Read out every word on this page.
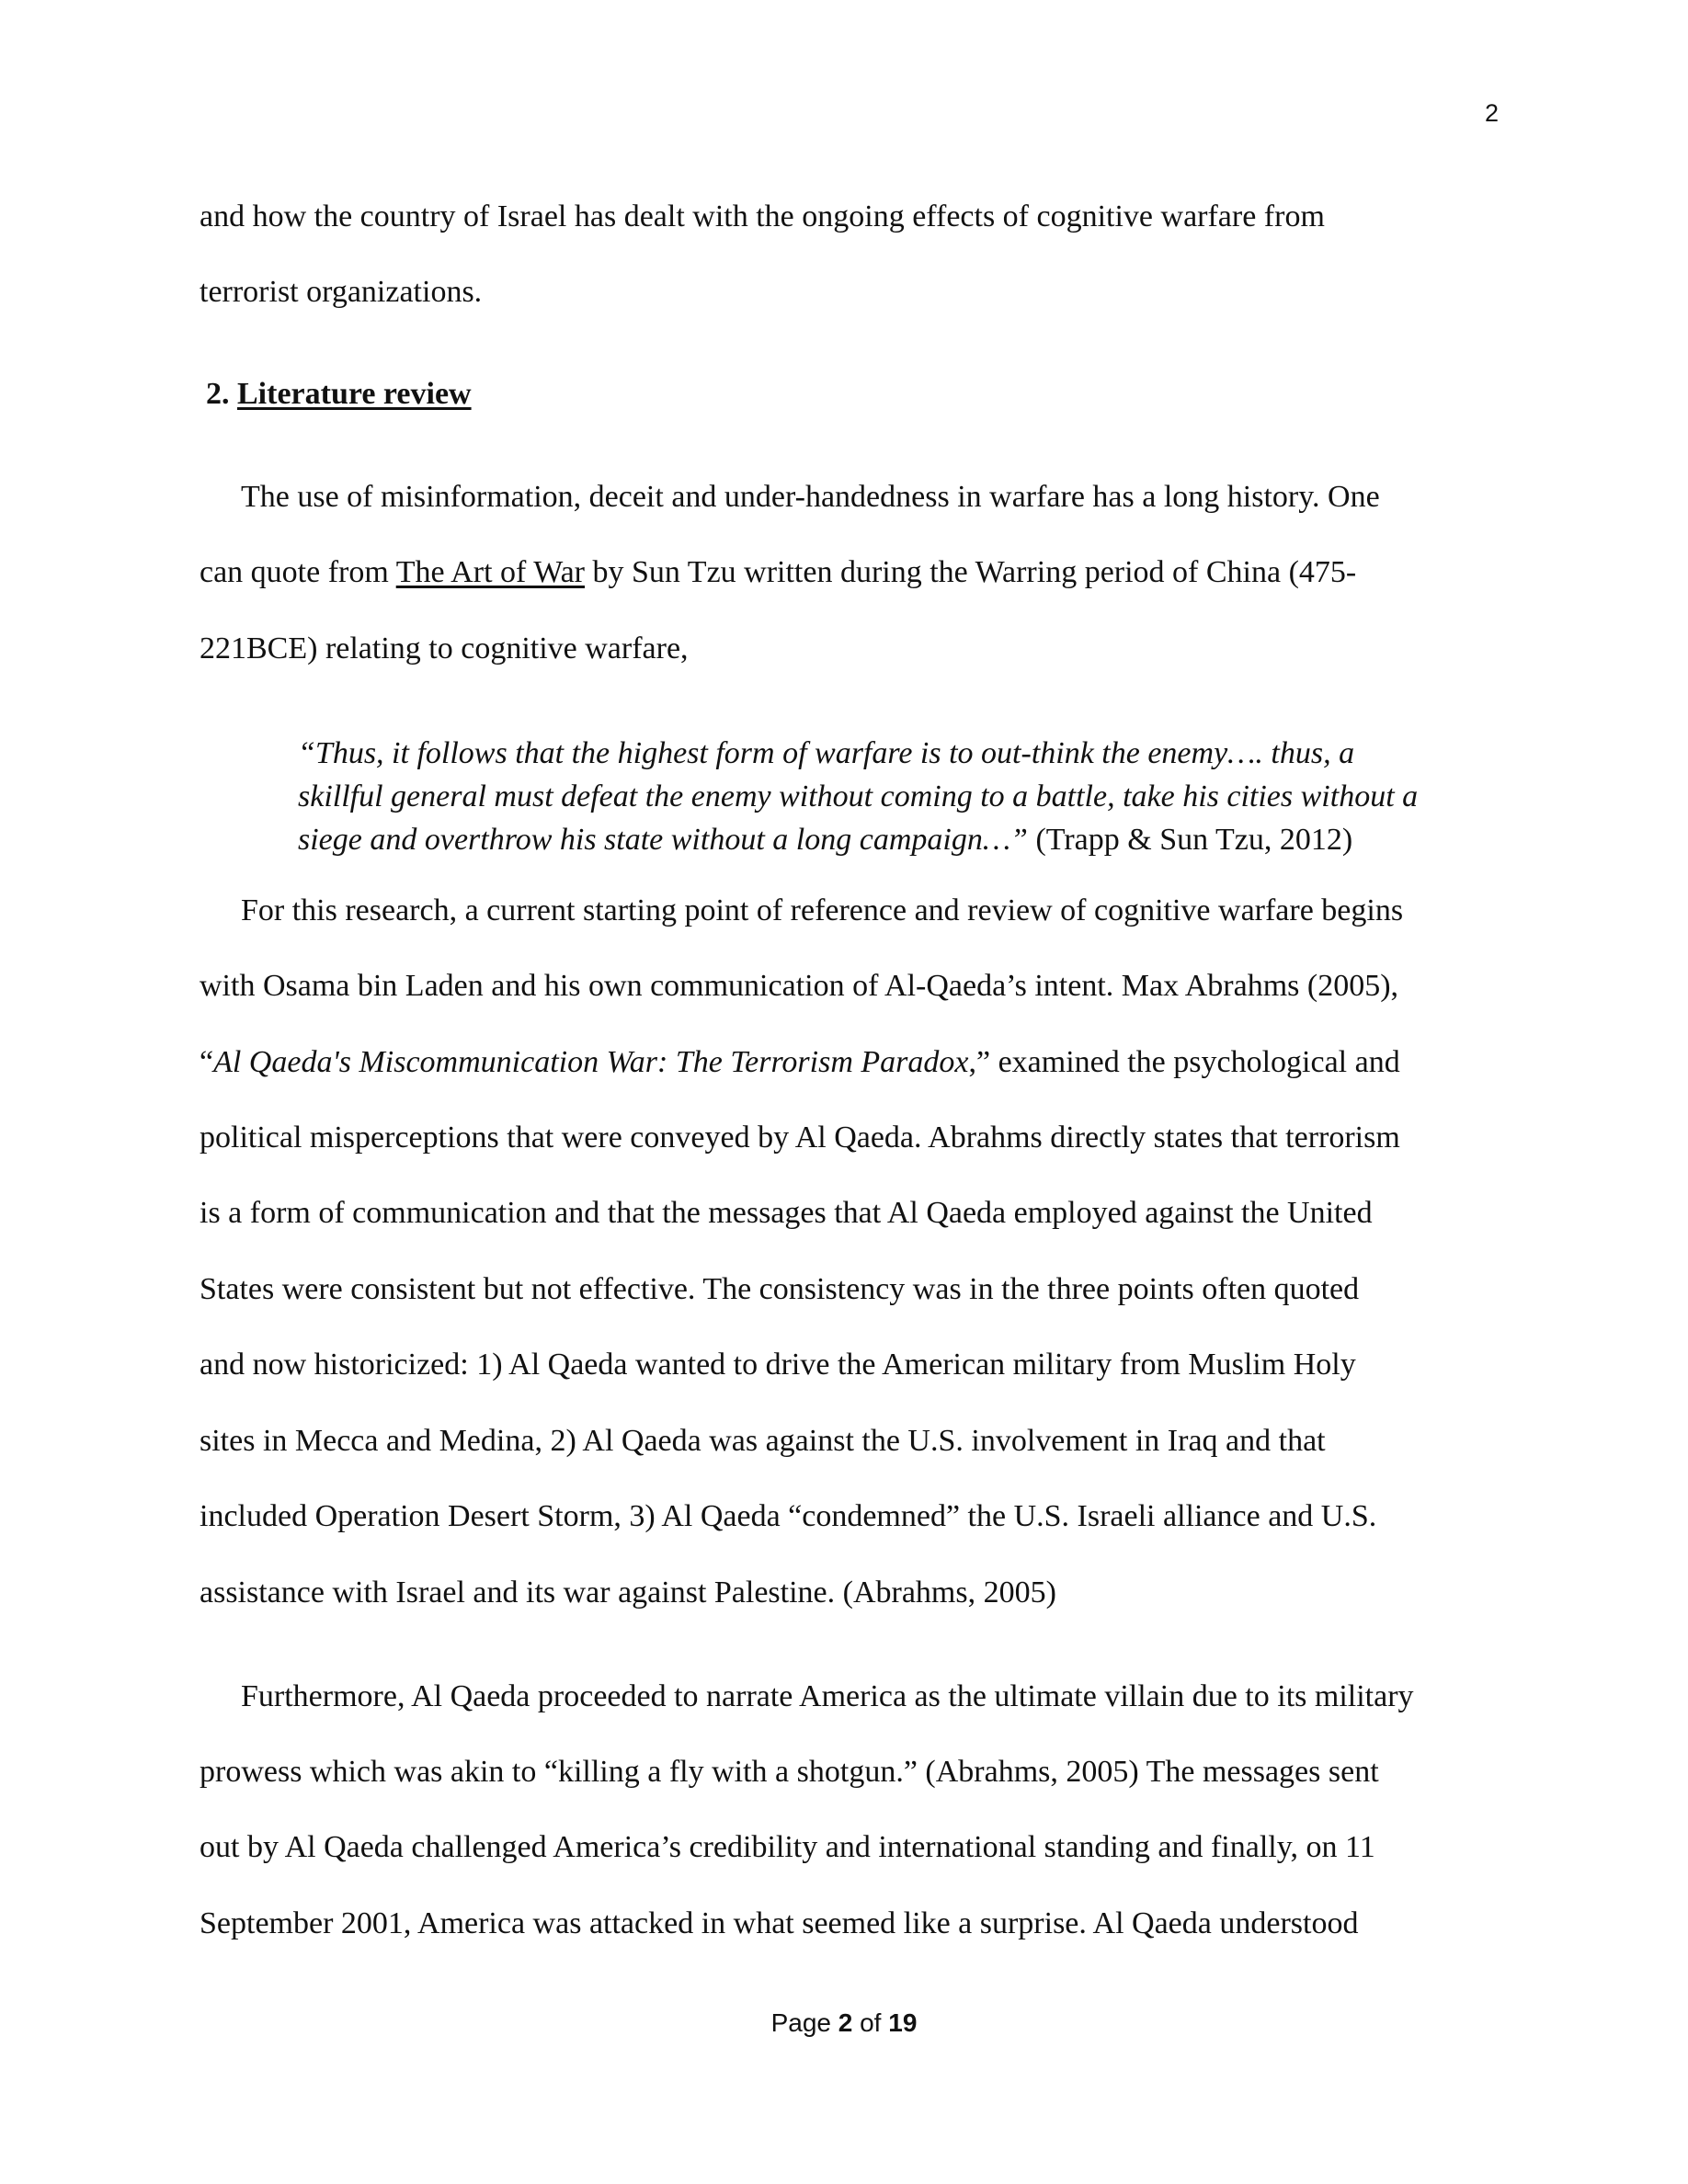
2
and how the country of Israel has dealt with the ongoing effects of cognitive warfare from
terrorist organizations.
2. Literature review
The use of misinformation, deceit and under-handedness in warfare has a long history. One
can quote from The Art of War by Sun Tzu written during the Warring period of China (475-
221BCE) relating to cognitive warfare,
“Thus, it follows that the highest form of warfare is to out-think the enemy…. thus, a
skillful general must defeat the enemy without coming to a battle, take his cities without a
siege and overthrow his state without a long campaign…” (Trapp & Sun Tzu, 2012)
For this research, a current starting point of reference and review of cognitive warfare begins
with Osama bin Laden and his own communication of Al-Qaeda’s intent. Max Abrahms (2005),
“Al Qaeda's Miscommunication War: The Terrorism Paradox,” examined the psychological and
political misperceptions that were conveyed by Al Qaeda. Abrahms directly states that terrorism
is a form of communication and that the messages that Al Qaeda employed against the United
States were consistent but not effective. The consistency was in the three points often quoted
and now historicized: 1) Al Qaeda wanted to drive the American military from Muslim Holy
sites in Mecca and Medina, 2) Al Qaeda was against the U.S. involvement in Iraq and that
included Operation Desert Storm, 3) Al Qaeda “condemned” the U.S. Israeli alliance and U.S.
assistance with Israel and its war against Palestine. (Abrahms, 2005)
Furthermore, Al Qaeda proceeded to narrate America as the ultimate villain due to its military
prowess which was akin to “killing a fly with a shotgun.” (Abrahms, 2005) The messages sent
out by Al Qaeda challenged America’s credibility and international standing and finally, on 11
September 2001, America was attacked in what seemed like a surprise. Al Qaeda understood
Page 2 of 19
